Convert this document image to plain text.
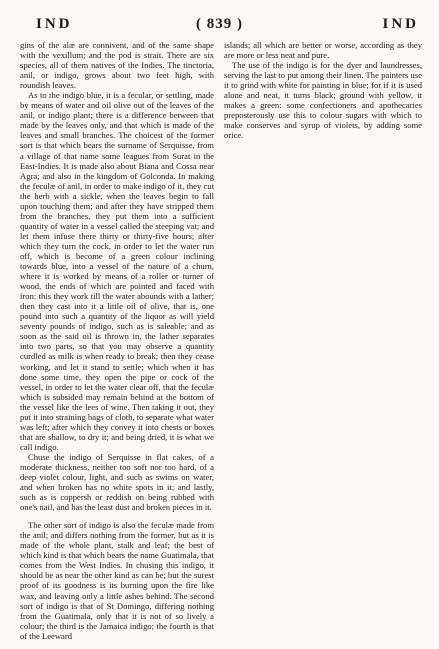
IND	( 839 )	IND

gins of the alæ are connivent, and of the same shape with the vexillum; and the pod is strait. There are six species, all of them natives of the Indies. The tinctoria, anil, or indigo, grows about two feet high, with roundish leaves.

As to the indigo blue, it is a fecular, or settling, made by means of water and oil olive out of the leaves of the anil, or indigo plant; there is a difference between that made by the leaves only, and that which is made of the leaves and small branches. The choicest of the former sort is that which bears the surname of Serquisse, from a village of that name some leagues from Surat in the East-Indies. It is made also about Biana and Cossa near Agra; and also in the kingdom of Golconda. In making the feculæ of anil, in order to make indigo of it, they cut the herb with a sickle, when the leaves begin to fall upon touching them; and after they have stripped them from the branches, they put them into a sufficient quantity of water in a vessel called the steeping vat; and let them infuse there thirty or thirty-five hours; after which they turn the cock, in order to let the water run off, which is become of a green colour inclining towards blue, into a vessel of the nature of a churn, where it is worked by means of a roller or turner of wood, the ends of which are pointed and faced with iron: this they work till the water abounds with a lather; then they cast into it a little oil of olive, that is, one pound into such a quantity of the liquor as will yield seventy pounds of indigo, such as is saleable; and as soon as the said oil is thrown in, the lather separates into two parts, so that you may observe a quantity curdled as milk is when ready to break; then they cease working, and let it stand to settle; which when it has done some time, they open the pipe or cock of the vessel, in order to let the water clear off, that the feculæ which is subsided may remain behind at the bottom of the vessel like the lees of wine. Then taking it out, they put it into straining bags of cloth, to separate what water was left; after which they convey it into chests or boxes that are shallow, to dry it; and being dried, it is what we call indigo.

Chuse the indigo of Serquisse in flat cakes, of a moderate thickness, neither too soft nor too hard, of a deep violet colour, light, and such as swims on water, and when broken has no white spots in it; and lastly, such as is coppersh or reddish on being rubbed with one's nail, and has the least dust and broken pieces in it.

The other sort of indigo is also the feculæ made from the anil; and differs nothing from the former, but as it is made of the whole plant, stalk and leaf; the best of which kind is that which bears the name Guatimala, that comes from the West Indies. In chusing this indigo, it should be as near the other kind as can be; but the surest proof of its goodness is its burning upon the fire like wax, and leaving only a little ashes behind. The second sort of indigo is that of St Domingo, differing nothing from the Guatimala, only that it is not of so lively a colour; the third is the Jamaica indigo; the fourth is that of the Leeward

islands; all which are better or worse, according as they are more or less neat and pure.

The use of the indigo is for the dyer and laundresses, serving the last to put among their linen. The painters use it to grind with white for painting in blue; for if it is used alone and neat, it turns black; ground with yellow, it makes a green: some confectioners and apothecaries preposterously use this to colour sugars with which to make conserves and syrup of violets, by adding some orice.
